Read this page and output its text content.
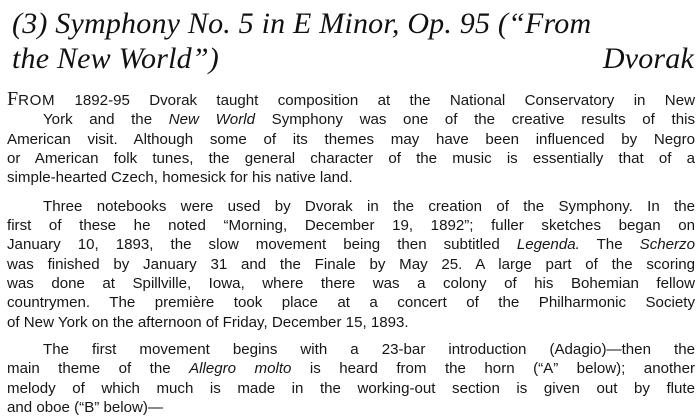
(3) Symphony No. 5 in E Minor, Op. 95 (“From
the New World”)	Dvorak
FROM 1892-95 Dvorak taught composition at the National Conservatory in New
York and the New World Symphony was one of the creative results of this
American visit. Although some of its themes may have been influenced by Negro
or American folk tunes, the general character of the music is essentially that of a
simple-hearted Czech, homesick for his native land.
Three notebooks were used by Dvorak in the creation of the Symphony. In the
first of these he noted “Morning, December 19, 1892”; fuller sketches began on
January 10, 1893, the slow movement being then subtitled Legenda. The Scherzo
was finished by January 31 and the Finale by May 25. A large part of the scoring
was done at Spillville, Iowa, where there was a colony of his Bohemian fellow
countrymen. The première took place at a concert of the Philharmonic Society
of New York on the afternoon of Friday, December 15, 1893.
The first movement begins with a 23-bar introduction (Adagio)—then the
main theme of the Allegro molto is heard from the horn (“A” below); another
melody of which much is made in the working-out section is given out by flute
and oboe (“B” below)—
